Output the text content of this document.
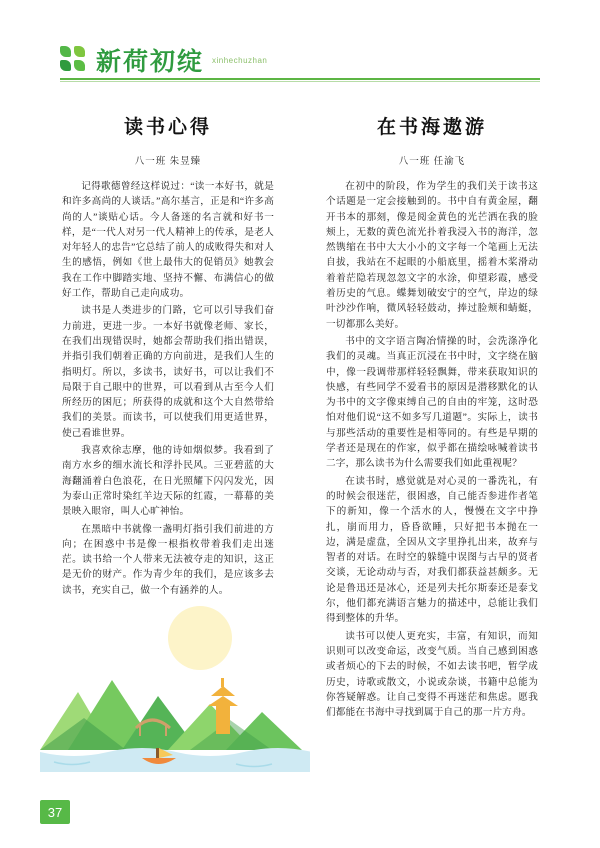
新荷初绽 xinhechuzhan
读书心得
八一班 朱昱臻

记得歌德曾经这样说过：“读一本好书，就是和许多高尚的人谈话。”高尔基言，正是和“许多高尚的人”谈贴心话。今人备迷的名言就和好书一样，是“一代人对另一代人精神上的传承，是老人对年轻人的忠告”它总结了前人的成败得失和对人生的感悟，例如《世上最伟大的促销员》她教会我在工作中脚踏实地、坚持不懈、布满信心的做好工作，帮助自己走向成功。

读书是人类进步的门路，它可以引导我们奋力前进，更进一步。一本好书就像老师、家长，在我们出现错误时，她都会帮助我们指出错误，并指引我们朝着正确的方向前进，是我们人生的指明灯。所以，多读书，读好书，可以让我们不局限于自己眼中的世界，可以看到从古至今人们所经历的困厄；所获得的成就和这个大自然带给我们的美景。而读书，可以使我们用更适世界，使己看谁世界。

我喜欢徐志摩，他的诗如烟似梦。我看到了南方水乡的细水流长和浮扑民风。三亚碧蓝的大海翻涌着白色浪花，在日光照耀下闪闪发光，因为泰山正常时染红羊边天际的红霞，一幕幕的美景映入眼帘，叫人心旷神怡。

在黑暗中书就像一盏明灯指引我们前进的方向；在困惑中书是像一根指枚带着我们走出迷茫。读书给一个人带来无法被夺走的知识，这正是无价的财产。作为青少年的我们，是应该多去读书，充实自己，做一个有涵养的人。

在书海遨游
八一班 任渝飞

在初中的阶段，作为学生的我们关于读书这个话题是一定会接触到的。书中自有黄金屋，翻开书本的那刻，像是阅金黄色的光芒洒在我的脸颊上，无数的黄色流光扑着我浸入书的海洋，忽然镌缩在书中大大小小的文字每一个笔画上无法自拔，我站在不起眼的小船底里，摇着木桨滑动着着茫隐若现忽忽文字的水涂，仰望彩霞，感受着历史的气息。蝶舞划破安宁的空气，岸边的绿叶沙沙作响，微风轻轻鼓动，捧过脸颊和蜻蜓，一切都那么美好。

书中的文字语言陶冶情操的时，会洗涤净化我们的灵魂。当真正沉浸在书中时，文字绕在脑中，像一段调带那样轻轻飘舞，带来获取知识的快感，有些同学不爱看书的原因是潜移默化的认为书中的文字像束缚自己的自由的牢笼，这时恐怕对他们说“这不如多写几道题”。实际上，读书与那些活动的重要性是相等同的。有些是早期的学者还是现在的作家，似乎都在描绘咏喊着读书二字，那么读书为什么需要我们如此重视呢？

在读书时，感觉就是对心灵的一番洗礼，有的时候会很迷茫，很困惑，自己能否参进作者笔下的新知，像一个活水的人，慢慢在文字中挣扎，崩而用力，昏昏欲睡，只好把书本抛在一边，满是虚盘，全因从文字里挣扎出来，故弃与智者的对话。在时空的躲缝中误图与古早的贤者交谈，无论动动与否，对我们都获益甚颇多。无论是鲁迅还是冰心，还是列夫托尔斯泰还是泰戈尔，他们都充满语言魅力的描述中，总能让我们得到整体的升华。

读书可以使人更充实，丰富，有知识，而知识则可以改变命运，改变气质。当自己感到困惑或者烦心的下去的时候，不如去读书吧，暂学成历史，诗歌或散文，小说或杂谈，书籍中总能为你答疑解惑。让自己变得不再迷茫和焦虑。愿我们都能在书海中寻找到属于自己的那一片方舟。

37
